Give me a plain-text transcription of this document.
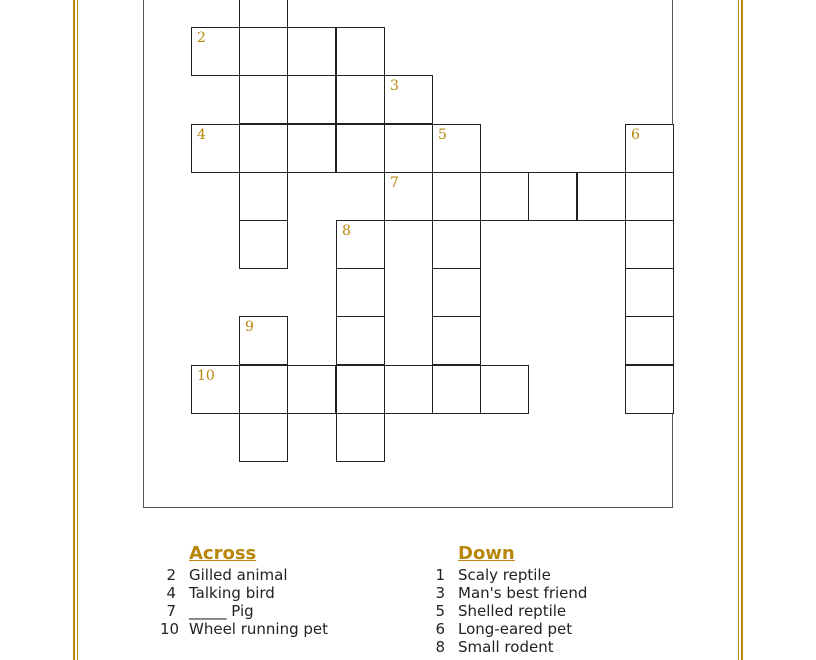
2
3
4	5	6
7
8
9
10
Across
2 Gilled animal
4 Talking bird
7 _____ Pig
10 Wheel running pet
Down
1 Scaly reptile
3 Man's best friend
5 Shelled reptile
6 Long-eared pet
8 Small rodent
